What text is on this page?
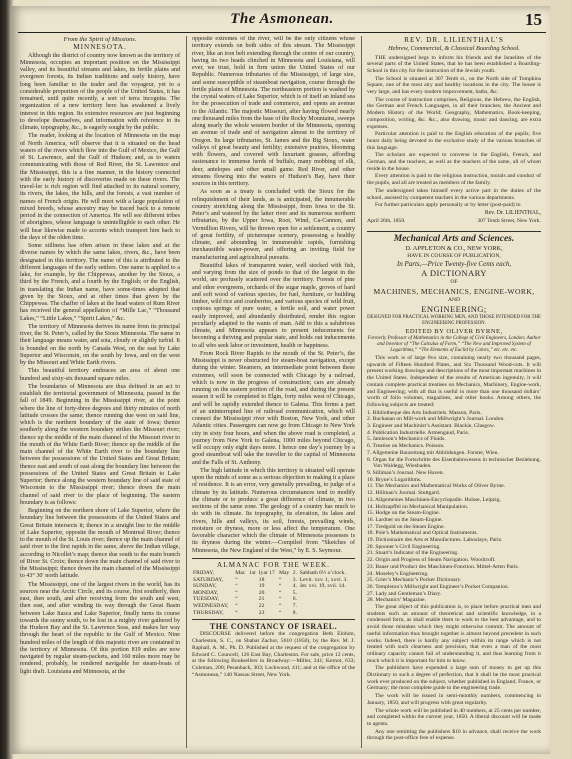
The Asmonean.	15

From the Spirit of Missions.

MINNESOTA.

Although the district of country now known as the territory of Minnesota, occupies an important position on the Mississippi valley, and its beautiful streams and lakes, its fertile plains and evergreen forests, its Indian traditions and early history, have long been familiar to the trader and the voyageur, yet to a considerable proportion of the people of the United States, it has remained, until quite recently, a sort of terra incognita. The organization of a new territory here has awakened a lively interest in this region. Its extensive resources are just beginning to develope themselves, and information with reference to its climate, topography, &c., is eagerly sought by the public.

The reader, looking at the location of Minnesota on the map of North America, will observe that it is situated on the head waters of the rivers which flow into the Gulf of Mexico, the Gulf of St. Lawrence, and the Gulf of Hudson; and, as to waters communicating with those of Red River, the St. Lawrence and the Mississippi, this is a fine manner, in the history connected with the early history of discoveries made on these rivers. The travel-ler is rich region will find attached to its natural scenery, its rivers, the lakes, the hills, and the forests, a vast number of names of French origin. He will meet with a large population of mixed breeds, whose ancestry may be traced back to a remote period in the connection of America. He will see different tribes of aborigines, whose language is unintelligible to each other. He will hear likewise made to accents which transport him back to the days of the olden time.

Some stillness has often arisen in these lakes and at the diverse names by which the same lakes, rivers, &c., have been designated in this territory. The name of this is attributed to the different languages of the early settlers. One name is applied to a lake, for example, by the Chippewas, another by the Sioux, a third by the French, and a fourth by the English; or the English, in translating the Indian name, have some-times adopted that given by the Sioux, and at other times that given by the Chippewas. The chaffer of lakes at the head waters of Rum River has received the general appellation of “Mille Lac,” “Thousand Lakes,” “Little Lakes,” “Spirit Lakes,” &c.

The territory of Minnesota derives its name from its principal river, the St. Peter’s, called by the Sioux Minnesota. The name in their language means water, and sota, cloudy or slightly turbid. It is bounded on the north by Canada West, on the east by Lake Superior and Wisconsin, on the south by Iowa, and on the west by the Missouri and White Earth rivers.

This beautiful territory embraces an area of about one hundred and sixty-six thousand square miles.

The boundaries of Minnesota are thus defined in an act to establish the territorial government of Minnesota, passed in the fall of 1849. Beginning in the Mississippi river, at the point where the line of forty-three degrees and thirty minutes of north latitude crosses the same; thence running due west on said line, which is the northern boundary of the state of Iowa; thence southerly along the western boundary strikes the Missouri river; thence up the middle of the main channel of the Missouri river to the mouth of the White Earth River; thence up the middle of the main channel of the White Earth river to the boundary line between the possessions of the United States and Great Britain; thence east and south of east along the boundary line between the possessions of the United States and Great Britain to Lake Superior; thence along the western boundary line of said state of Wisconsin to the Mississippi river; thence down the main channel of said river to the place of beginning. The eastern boundary is as follows:

Beginning on the northern shore of Lake Superior, where the boundary line between the possessions of the United States and Great Britain intersects it; thence in a straight line to the middle of Lake Superior, opposite the mouth of Montreal River; thence to the mouth of the St. Louis river; thence up the main channel of said river to the first rapids in the same, above the Indian village, according to Nicollet’s map; thence due south to the main branch of River St. Croix; thence down the main channel of said river to the Mississippi; thence down the main channel of the Mississippi to 43° 30′ north latitude.

The Mississippi, one of the largest rivers in the world, has its sources near the Arctic Circle, and its course, first southerly, then east, then south, and after receiving from the south and west, then east, and after winding its way through the Great Basin between Lake Itasca and Lake Superior, finally turns its course towards the sunny south, to be lost in a mighty river gathered by the Hudson Bay and the St. Lawrence Seas, and makes her way through the heart of the republic to the Gulf of Mexico. Nine hundred miles of the length of this majestic river are contained in the territory of Minnesota. Of this portion 819 miles are now navigated by regular steam-packets, and 160 miles more may be rendered, probably, be rendered navigable for steam-boats of light draft. Louisiana and Minnesota, at the

opposite extremes of the river, will be the only citizens whose territory extends on both sides of this stream. The Mississippi river, like an iron belt extending through the centre of our country, having its two heads clinched in Minnesota and Louisiana, will ever, we trust, hold in firm union the United States of our Republic. Numerous tributaries of the Mississippi, of large size, and some susceptible of steamboat navigation, course through the fertile plains of Minnesota. The northeastern portion is washed by the crystal waters of Lake Superior, which is of itself an inland sea for the prosecution of trade and commerce, and opens an avenue to the Atlantic. The majestic Missouri, after having flowed nearly one thousand miles from the base of the Rocky Mountains, sweeps along nearly the whole western border of the Minnesota, opening an avenue of trade and of navigation almost to the territory of Oregon. Its large tributaries, St. James and the Big Sioux, water valleys of great beauty and fertility; extensive prairies, blooming with flowers, and covered with luxuriant grasses, affording sustenance to immense herds of buffalo, many mobbing of elk, deer, antelopes and other small game. Red River, and other streams flowing into the waters of Hudson’s Bay, have their sources in this territory.

As soon as a treaty is concluded with the Sioux for the relinquishment of their lands, as is anticipated, the innumerable country stretching along the Mississippi, from Iowa to the St. Peter’s and watered by the latter river and its numerous northern tributaries, by the Upper Iowa, Root, Wind, Ca-Cannon, and Vermillion Rivers, will be thrown open for a settlement, a country of great fertility, of picturesque scenery, possessing a healthy climate, and abounding in innumerable rapids, furnishing inexhaustible water-power, and offering an inviting field for manufacturing and agricultural pursuits.

Beautiful lakes of transparent water, well stocked with fish, and varying from the size of ponds to that of the largest in the world, are profusely scattered over the territory. Forests of pine and other evergreens, orchards of the sugar maple, groves of hard and soft wood of various species, for fuel, furniture, or building timber, wild rice and cranberries, and various species of wild fruit, copious springs of pure water, a fertile soil, and water power easily improved, and abundantly distributed, render this region peculiarly adapted to the wants of man. Add to this a salubrious climate, and Minnesota appears to present inducements for becoming a thriving and popular state, and holds out inducements to all who seek labor or investment, health or happiness.

From Rock River Rapids to the mouth of the St. Peter’s, the Mississippi is never obstructed for steam-boat navigation, except during the winter. Steamers, an intermediate point between these extremes, will soon be connected with Chicago by a railroad, which is now in the progress of construction; cars are already running on the eastern portion of the road, and during the present season it will be completed to Elgin, forty miles west of Chicago, and will be rapidly extended thence to Galena. This forms a part of an uninterrupted line of railroad communication, which will connect the Mississippi river with Boston, New York, and other Atlantic cities. Passengers can now go from Chicago to New York city in sixty four hours, and when the above road is completed, a journey from New York to Galena, 1000 miles beyond Chicago, will occupy only eight days more. I hence one day’s journey by a good steamboat will take the traveller to the capital of Minnesota and the Falls of St. Anthony.

The high latitude in which this territory is situated will operate upon the minds of some as a serious objection to making it a place of residence. It is an error, very generally prevailing, to judge of a climate by its latitude. Numerous circumstances tend to modify the climate or to produce a great difference of climate, in two sections of the same zone. The geology of a country has much to do with its climate. Its topography, its elevation, its lakes and rivers, hills and valleys, its soil, forests, prevailing winds, moisture or dryness, more or less affect the temperature. One favorable character which the climate of Minnesota possesses is its dryness during the winter.—Compiled from “Sketches of Minnesota, the New England of the West,” by E. S. Seymour.

ALMANAC FOR THE WEEK.

FRIDAY,	Mar.	1st	Iyar 17	May	2.	Sabbath 6½ o’clock.
SATURDAY,	“		18	“	3.	Levit. xxv. 1, xxvi. 3.
SUNDAY,	“		19	“	4.	Jer. xvi. 19, xvii. 14.
MONDAY,	“		20	“	5.	
TUESDAY,	“		21	“	6.	
WEDNESDAY,	“		22	“	7.	
THURSDAY,	“		23	“	8.	

THE CONSTANCY OF ISRAEL.

DISCOURSE delivered before the congregation Beth Elohim, Charleston, S. C., on Shabat Zachor, 5610 (1850), by the Rev. M. J. Raphall, A. M., Ph. D. Published at the request of the congregation by Edward C. Councell, 126 East Bay, Charleston. For sale, price 12 cents, at the following Booksellers in Broadway:—Miller, 241; Kernot, 633; Coleman, 200; Pesanbach, 303; Lockwood, 411; and at the office of the “Asmonean,” 140 Nassau Street, New York.

REV. DR. LILIENTHAL’S

Hebrew, Commercial, & Classical Boarding School.

THE undersigned begs to inform his friends and the Israelites of the several parts of the United States, that he has been established a Boarding-School in this city for the instruction of the Jewish youth.

The School is situated at 307 Tenth st., on the North side of Tompkins Square, one of the most airy and healthy locations in the city. The house is very large, and has every modern improvement, baths, &c.

The course of instruction comprises, Religious, the Hebrew, the English, the German and French Languages, in all their branches; the Ancient and Modern History of the World; Geography, Mathematics, Book-keeping, composition, writing, &c. &c., also drawing, music and dancing, are extra expenses.

Particular attention is paid to the English education of the pupils; five hours daily being devoted to the exclusive study of the various branches of this language.

The scholars are expected to converse in the English, French, and German, and the teachers, as well as the teachers of the same, all of whom reside in the house.

Every attention is paid to the religious instruction, morals and conduct of the pupils, and all are treated as members of the family.

The undersigned takes himself every active part in the duties of the school, assisted by competent teachers in the various departments.

For further particulars apply personally or by letter (post-paid) to

Rev. Dr. LILIENTHAL,

April 26th, 1850.	307 Tenth Street, New York.

Mechanical Arts and Sciences.

D. APPLETON & CO., NEW YORK,

HAVE IN COURSE OF PUBLICATION,

In Parts,—Price Twenty-five Cents each,

A DICTIONARY

OF

MACHINES, MECHANICS, ENGINE-WORK,

AND

ENGINEERING;

DESIGNED FOR PRACTICAL WORKING MEN, AND THOSE INTENDED FOR THE ENGINEERING PROFESSION.

EDITED BY OLIVER BYRNE,

Formerly Professor of Mathematics in the College of Civil Engineers, London; Author and Inventor of “The Calculus of Form,” “The New and Improved System of Logarithms,” “The Elements of Euclid by Colors,” etc. etc. etc.

This work is of large 8vo size, containing nearly two thousand pages, upwards of Fifteen Hundred Plates, and Six Thousand Wood-cuts. It will present working drawings and descriptions of the most important machines in the United States. Independent of the results of American ingenuity, it will contain complete practical treatises on Mechanics, Machinery, Engine-work, and Engineering; with all that is useful in more than one thousand dollars’ worth of folio volumes, magazines, and other books. Among others, the following subjects are treated:

1. Bibliotheque des Arts Industriels. Masson, Paris.

2. Buchanan on Mill-work and Millwright’s Journal. London.

3. Engineer and Machinist’s Assistant. Blackie, Glasgow.

4. Publication Industrielle. Armengaud, Paris.

5. Jamieson’s Mechanics of Fluids.

6. Treatise on Mechanics. Poisson.

7. Allgemeine Bauzeitung mit Abbildungen. Forster, Wien.

8. Organ fur die Fortschritte des Eisenbahnwesens in technischer Beziehung. Von Waldegg, Wiesbaden.

9. Silliman’s Journal. New Haven.

10. Bryne’s Logarithms.

11. The Mechanics and Mathematical Works of Oliver Byrne.

12. Hillman’s Journal. Stuttgard.

13. Allgemeines Maschinen-Encyclopadie. Hulsse, Leipzig.

14. Holtzapffel on Mechanical Manipulation.

15. Hodge on the Steam-Engine.

16. Lardner on the Steam-Engine.

17. Tredgold on the Steam Engine.

18. Pole’s Mathematical and Optical Instruments.

19. Dictionnaire des Arts et Manufactures. Laboulaye, Paris.

20. Spooner’s Civil Engineering.

21. Stuart’s Indicator of the Engineering.

22. Origin and Progress of Steam Navigation. Woodcroft.

23. Bauer und Product des Maschinen-Fonction. Mittel-Arten Paris.

24. Moseley’s Engineering.

25. Grier’s Mechanic’s Pocket Dictionary.

26. Templeton’s Millwright and Engineer’s Pocket Companion.

27. Lady and Gentleman’s Diary.

28. Mechanics’ Magazine.

The great object of this publication is, to place before practical men and students such an amount of theoretical and scientific knowledge, in a condensed form, as shall enable them to work to the best advantage, and to avoid those mistakes which they might otherwise commit. The amount of useful information thus brought together is almost beyond precedent in such works. Indeed, there is hardly any subject within its range which is not treated with such clearness and precision, that even a man of the most ordinary capacity cannot fail of understanding it, and thus learning from it much which it is important for him to know.

The publishers have expended a large sum of money to get up this Dictionary to such a degree of perfection, that it shall be the most practical work ever produced on the subject, whether published in England, France, or Germany; the most complete guide to the engineering trade.

The work will be issued in semi-monthly numbers, commencing in January, 1850, and will progress with great regularity.

The whole work will be published in 40 numbers, at 25 cents per number, and completed within the current year, 1850. A liberal discount will be made to agents.

Any one remitting the publishers $10 in advance, shall receive the work through the post-office free of expense.
